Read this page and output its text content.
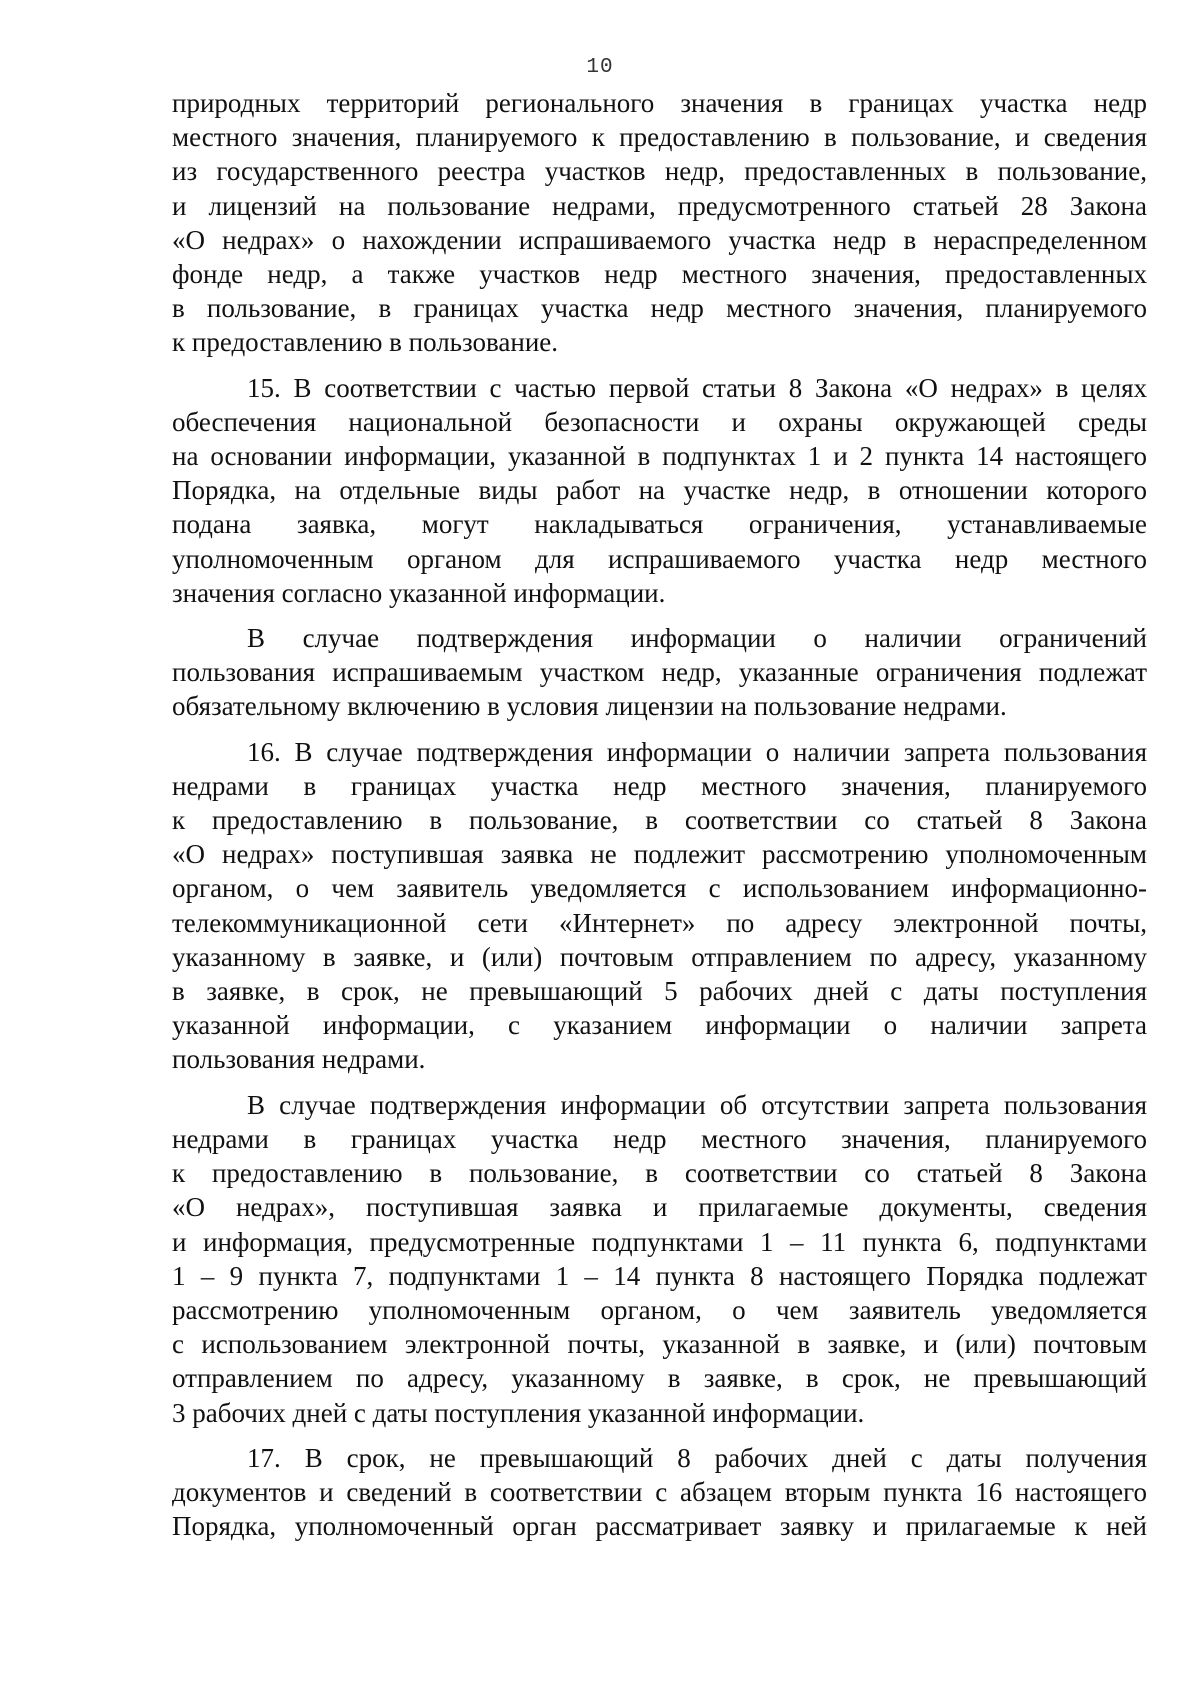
10
природных территорий регионального значения в границах участка недр
местного значения, планируемого к предоставлению в пользование, и сведения
из государственного реестра участков недр, предоставленных в пользование,
и лицензий на пользование недрами, предусмотренного статьей 28 Закона
«О недрах» о нахождении испрашиваемого участка недр в нераспределенном
фонде недр, а также участков недр местного значения, предоставленных
в пользование, в границах участка недр местного значения, планируемого
к предоставлению в пользование.
15. В соответствии с частью первой статьи 8 Закона «О недрах» в целях
обеспечения национальной безопасности и охраны окружающей среды
на основании информации, указанной в подпунктах 1 и 2 пункта 14 настоящего
Порядка, на отдельные виды работ на участке недр, в отношении которого
подана заявка, могут накладываться ограничения, устанавливаемые
уполномоченным органом для испрашиваемого участка недр местного
значения согласно указанной информации.
В случае подтверждения информации о наличии ограничений
пользования испрашиваемым участком недр, указанные ограничения подлежат
обязательному включению в условия лицензии на пользование недрами.
16. В случае подтверждения информации о наличии запрета пользования
недрами в границах участка недр местного значения, планируемого
к предоставлению в пользование, в соответствии со статьей 8 Закона
«О недрах» поступившая заявка не подлежит рассмотрению уполномоченным
органом, о чем заявитель уведомляется с использованием информационно-
телекоммуникационной сети «Интернет» по адресу электронной почты,
указанному в заявке, и (или) почтовым отправлением по адресу, указанному
в заявке, в срок, не превышающий 5 рабочих дней с даты поступления
указанной информации, с указанием информации о наличии запрета
пользования недрами.
В случае подтверждения информации об отсутствии запрета пользования
недрами в границах участка недр местного значения, планируемого
к предоставлению в пользование, в соответствии со статьей 8 Закона
«О недрах», поступившая заявка и прилагаемые документы, сведения
и информация, предусмотренные подпунктами 1 – 11 пункта 6, подпунктами
1 – 9 пункта 7, подпунктами 1 – 14 пункта 8 настоящего Порядка подлежат
рассмотрению уполномоченным органом, о чем заявитель уведомляется
с использованием электронной почты, указанной в заявке, и (или) почтовым
отправлением по адресу, указанному в заявке, в срок, не превышающий
3 рабочих дней с даты поступления указанной информации.
17. В срок, не превышающий 8 рабочих дней с даты получения
документов и сведений в соответствии с абзацем вторым пункта 16 настоящего
Порядка, уполномоченный орган рассматривает заявку и прилагаемые к ней
